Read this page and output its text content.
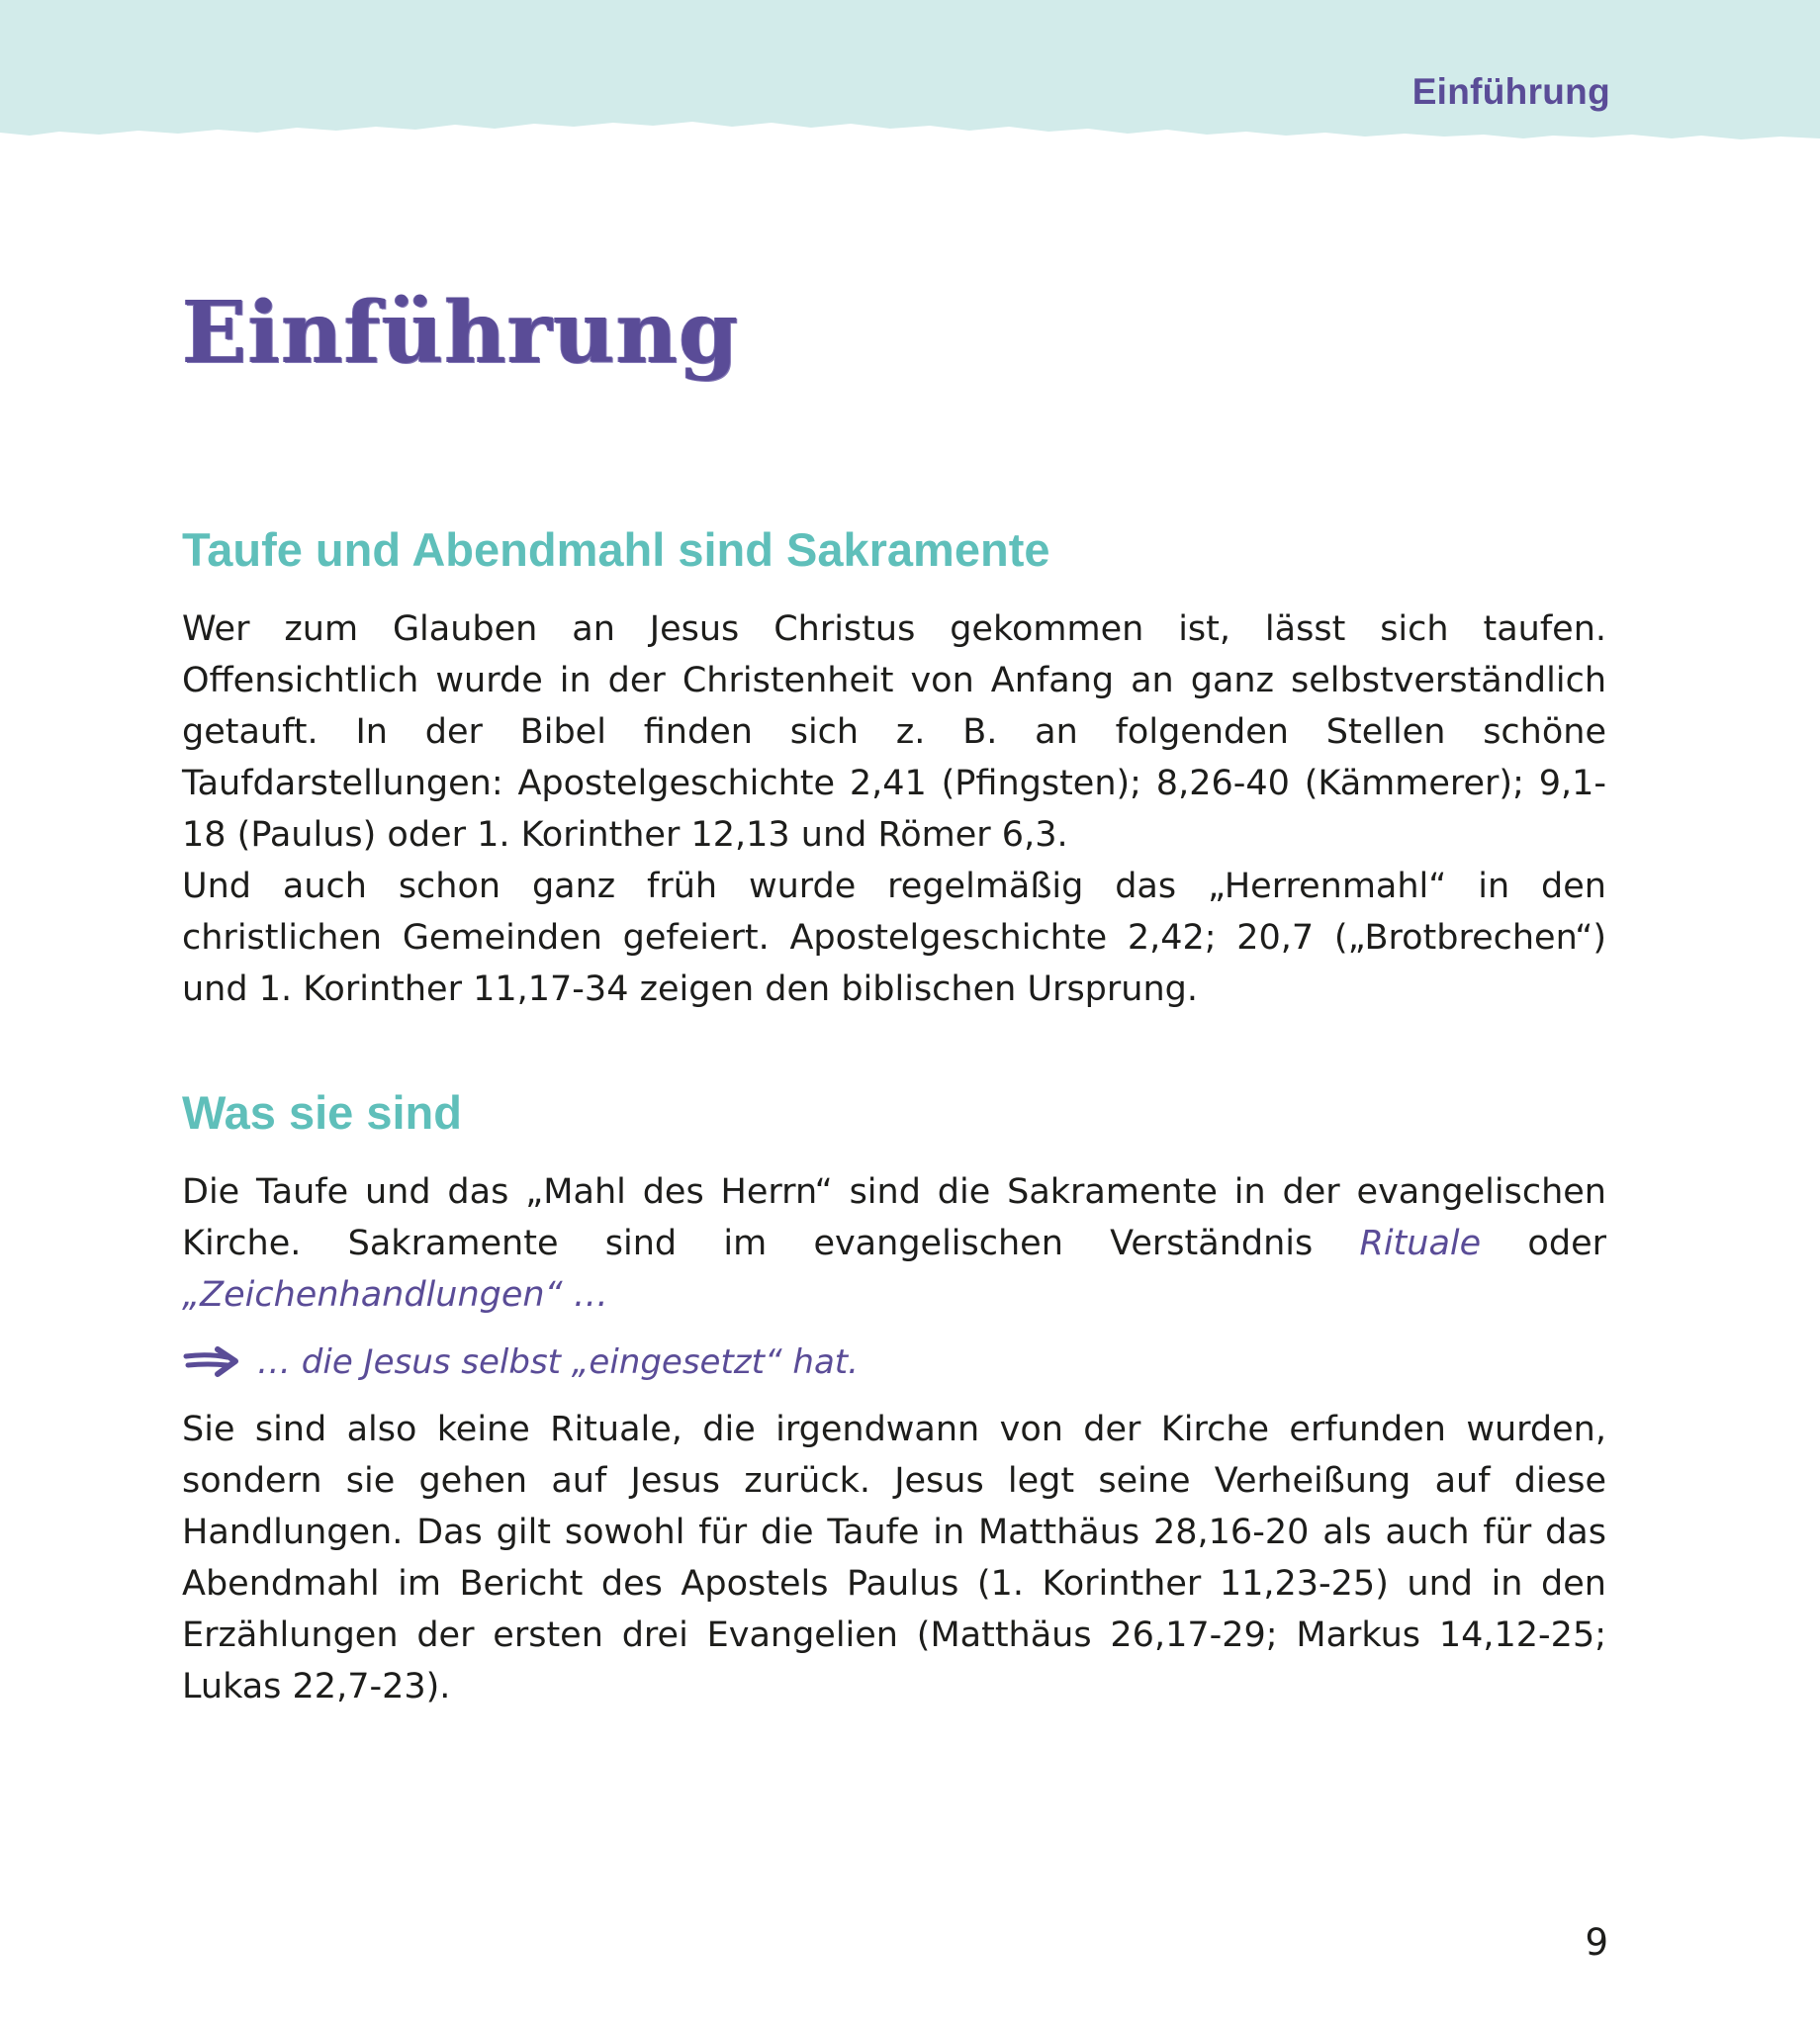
Einführung
Einführung
Taufe und Abendmahl sind Sakramente

Wer zum Glauben an Jesus Christus gekommen ist, lässt sich taufen. Offensichtlich wurde in der Christenheit von Anfang an ganz selbstverständlich getauft. In der Bibel finden sich z. B. an folgenden Stellen schöne Taufdarstellungen: Apostelgeschichte 2,41 (Pfingsten); 8,26-40 (Kämmerer); 9,1-18 (Paulus) oder 1. Korinther 12,13 und Römer 6,3.

Und auch schon ganz früh wurde regelmäßig das „Herrenmahl“ in den christlichen Gemeinden gefeiert. Apostelgeschichte 2,42; 20,7 („Brotbrechen“) und 1. Korinther 11,17-34 zeigen den biblischen Ursprung.

Was sie sind

Die Taufe und das „Mahl des Herrn“ sind die Sakramente in der evangelischen Kirche. Sakramente sind im evangelischen Verständnis Rituale oder „Zeichenhandlungen“ …

… die Jesus selbst „eingesetzt“ hat.

Sie sind also keine Rituale, die irgendwann von der Kirche erfunden wurden, sondern sie gehen auf Jesus zurück. Jesus legt seine Verheißung auf diese Handlungen. Das gilt sowohl für die Taufe in Matthäus 28,16-20 als auch für das Abendmahl im Bericht des Apostels Paulus (1. Korinther 11,23-25) und in den Erzählungen der ersten drei Evangelien (Matthäus 26,17-29; Markus 14,12-25; Lukas 22,7-23).

9
